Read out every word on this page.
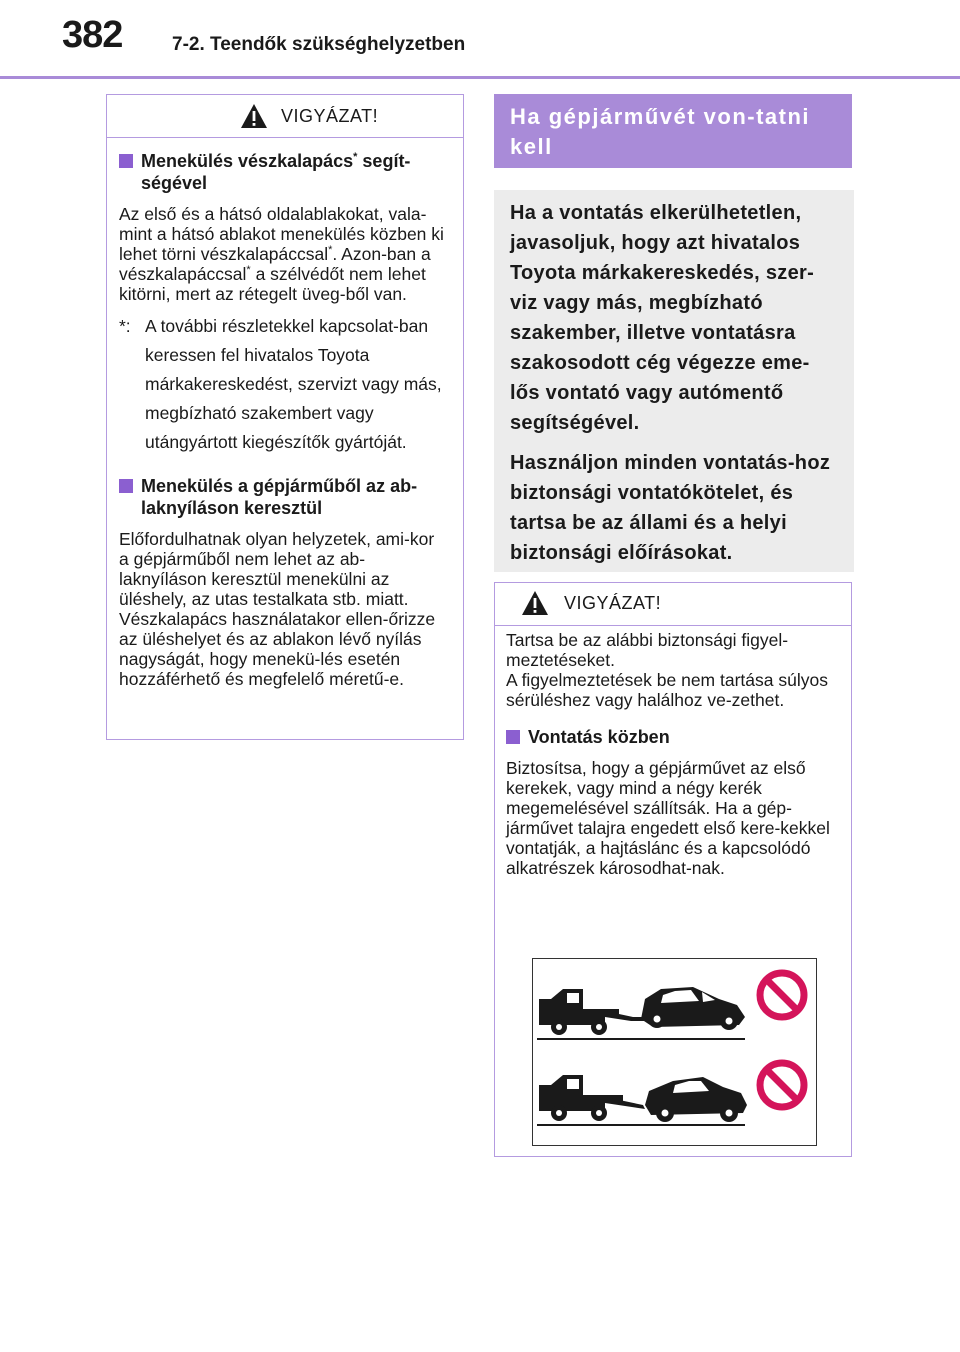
382	7-2. Teendők szükséghelyzetben
VIGYÁZAT!
Menekülés vészkalapács* segít-ségével

Az első és a hátsó oldalablakokat, vala-mint a hátsó ablakot menekülés közben ki lehet törni vészkalapáccsal*. Azon-ban a vészkalapáccsal* a szélvédőt nem lehet kitörni, mert az rétegelt üveg-ből van.

*: A további részletekkel kapcsolat-ban keressen fel hivatalos Toyota márkakereskedést, szervizt vagy más, megbízható szakembert vagy utángyártott kiegészítők gyártóját.
Menekülés a gépjárműből az ab-laknyíláson keresztül

Előfordulhatnak olyan helyzetek, ami-kor a gépjárműből nem lehet az ab-laknyíláson keresztül menekülni az üléshely, az utas testalkata stb. miatt. Vészkalapács használatakor ellen-őrizze az üléshelyet és az ablakon lévő nyílás nagyságát, hogy menekü-lés esetén hozzáférhető és megfelelő méretű-e.

Ha gépjárművét von-tatni kell

Ha a vontatás elkerülhetetlen, javasoljuk, hogy azt hivatalos Toyota márkakereskedés, szer-viz vagy más, megbízható szakember, illetve vontatásra szakosodott cég végezze eme-lős vontató vagy autómentő segítségével.

Használjon minden vontatás-hoz biztonsági vontatókötelet, és tartsa be az állami és a helyi biztonsági előírásokat.

VIGYÁZAT!

Tartsa be az alábbi biztonsági figyel-meztetéseket.

A figyelmeztetések be nem tartása súlyos sérüléshez vagy halálhoz ve-zethet.

Vontatás közben

Biztosítsa, hogy a gépjárművet az első kerekek, vagy mind a négy kerék megemelésével szállítsák. Ha a gép-járművet talajra engedett első kere-kekkel vontatják, a hajtáslánc és a kapcsolódó alkatrészek károsodhat-nak.
